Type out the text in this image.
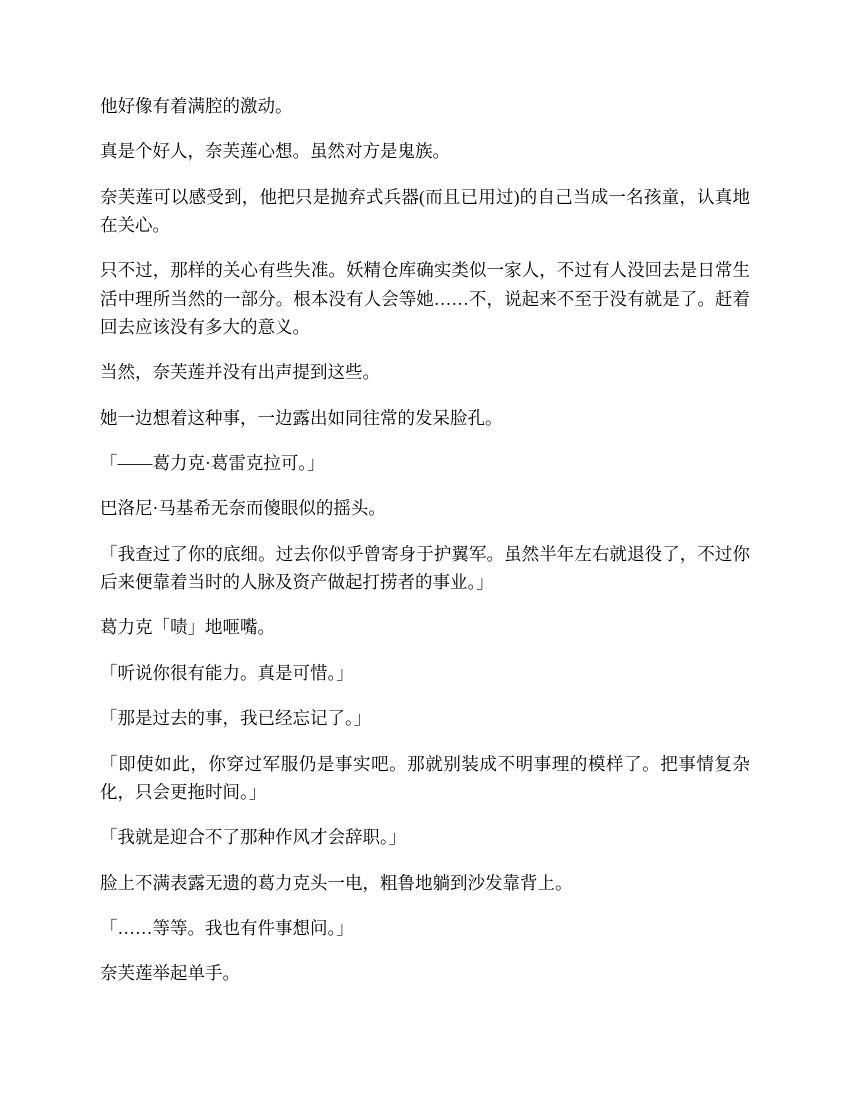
他好像有着满腔的激动。

真是个好人，奈芙莲心想。虽然对方是鬼族。

奈芙莲可以感受到，他把只是抛弃式兵器(而且已用过)的自己当成一名孩童，认真地在关心。

只不过，那样的关心有些失准。妖精仓库确实类似一家人，不过有人没回去是日常生活中理所当然的一部分。根本没有人会等她……不，说起来不至于没有就是了。赶着回去应该没有多大的意义。

当然，奈芙莲并没有出声提到这些。

她一边想着这种事，一边露出如同往常的发呆脸孔。

「——葛力克·葛雷克拉可。」

巴洛尼·马基希无奈而傻眼似的摇头。

「我查过了你的底细。过去你似乎曾寄身于护翼军。虽然半年左右就退役了，不过你后来便靠着当时的人脉及资产做起打捞者的事业。」

葛力克「啧」地咂嘴。

「听说你很有能力。真是可惜。」

「那是过去的事，我已经忘记了。」

「即使如此，你穿过军服仍是事实吧。那就别装成不明事理的模样了。把事情复杂化，只会更拖时间。」

「我就是迎合不了那种作风才会辞职。」

脸上不满表露无遗的葛力克头一电，粗鲁地躺到沙发靠背上。

「……等等。我也有件事想问。」

奈芙莲举起单手。
